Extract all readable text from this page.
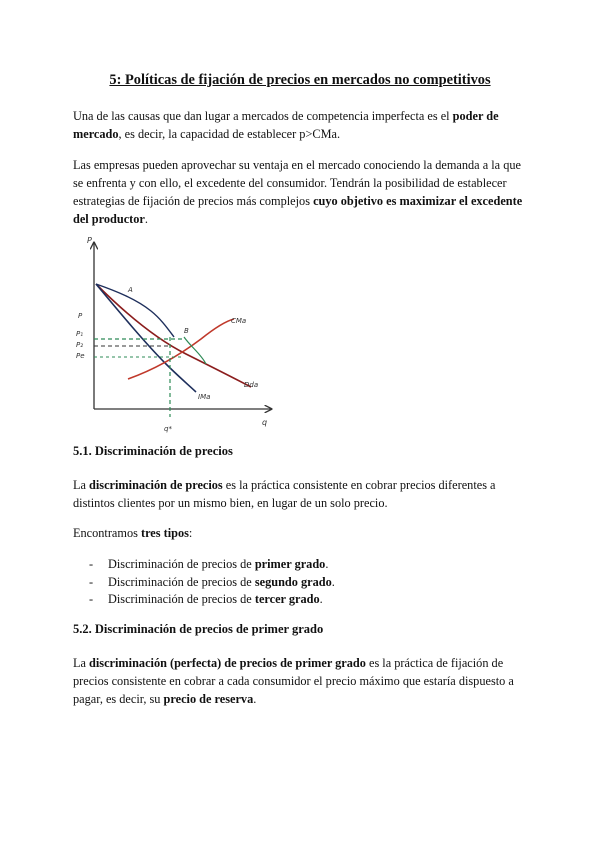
5: Políticas de fijación de precios en mercados no competitivos

Una de las causas que dan lugar a mercados de competencia imperfecta es el poder de mercado, es decir, la capacidad de establecer p>CMa.

Las empresas pueden aprovechar su ventaja en el mercado conociendo la demanda a la que se enfrenta y con ello, el excedente del consumidor. Tendrán la posibilidad de establecer estrategias de fijación de precios más complejos cuyo objetivo es maximizar el excedente del productor.

P
q
P
P₁
P₂
Pe
CMa
Dda
IMa
A
B
q*
5.1. Discriminación de precios

La discriminación de precios es la práctica consistente en cobrar precios diferentes a distintos clientes por un mismo bien, en lugar de un solo precio.

Encontramos tres tipos:

- Discriminación de precios de primer grado.
- Discriminación de precios de segundo grado.
- Discriminación de precios de tercer grado.
5.2. Discriminación de precios de primer grado

La discriminación (perfecta) de precios de primer grado es la práctica de fijación de precios consistente en cobrar a cada consumidor el precio máximo que estaría dispuesto a pagar, es decir, su precio de reserva.
